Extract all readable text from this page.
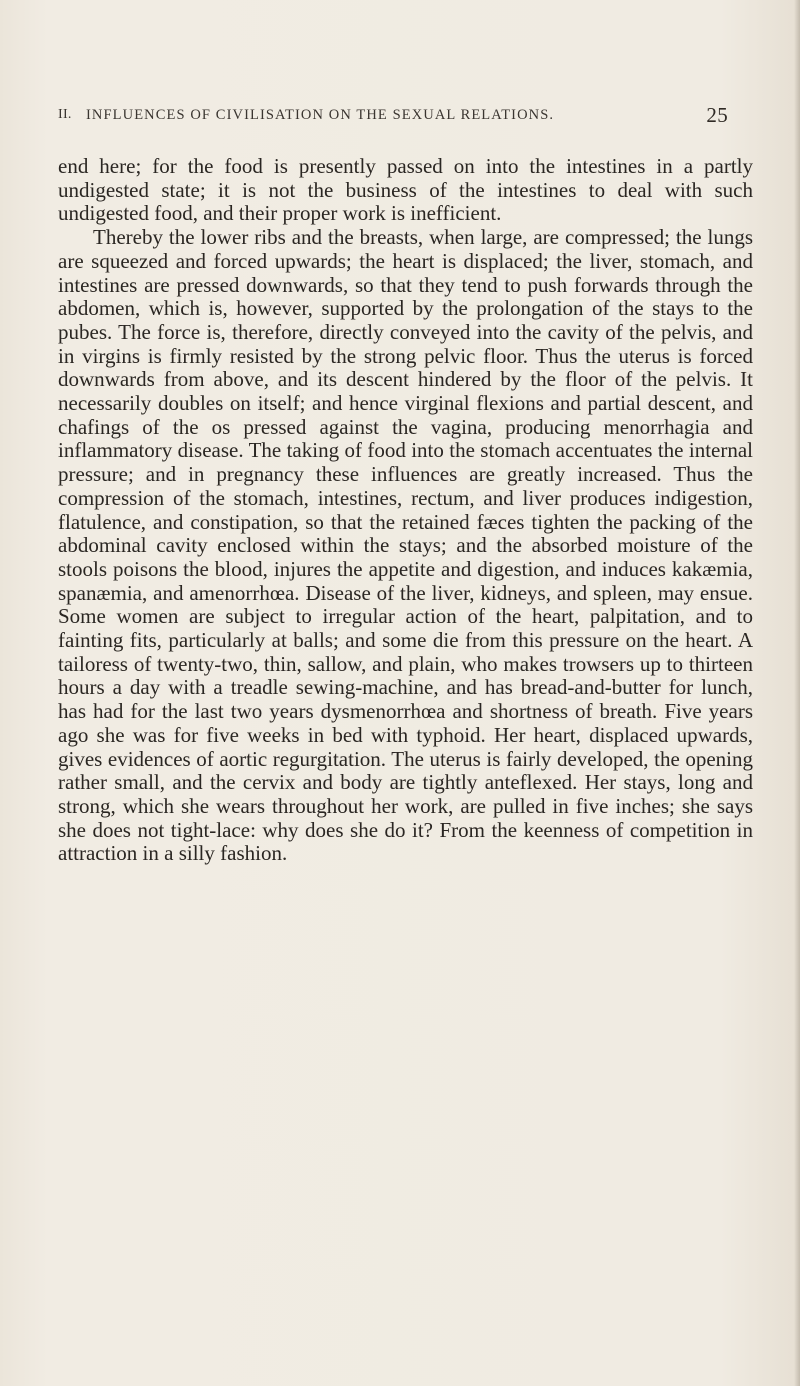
II. INFLUENCES OF CIVILISATION ON THE SEXUAL RELATIONS.	25

end here; for the food is presently passed on into the intestines in a partly undigested state; it is not the business of the intestines to deal with such undigested food, and their proper work is inefficient.

Thereby the lower ribs and the breasts, when large, are compressed; the lungs are squeezed and forced upwards; the heart is displaced; the liver, stomach, and intestines are pressed downwards, so that they tend to push forwards through the abdomen, which is, however, supported by the prolongation of the stays to the pubes. The force is, therefore, directly conveyed into the cavity of the pelvis, and in virgins is firmly resisted by the strong pelvic floor. Thus the uterus is forced downwards from above, and its descent hindered by the floor of the pelvis. It necessarily doubles on itself; and hence virginal flexions and partial descent, and chafings of the os pressed against the vagina, producing menorrhagia and inflammatory disease. The taking of food into the stomach accentuates the internal pressure; and in pregnancy these influences are greatly increased. Thus the compression of the stomach, intestines, rectum, and liver produces indigestion, flatulence, and constipation, so that the retained fæces tighten the packing of the abdominal cavity enclosed within the stays; and the absorbed moisture of the stools poisons the blood, injures the appetite and digestion, and induces kakæmia, spanæmia, and amenorrhœa. Disease of the liver, kidneys, and spleen, may ensue. Some women are subject to irregular action of the heart, palpitation, and to fainting fits, particularly at balls; and some die from this pressure on the heart. A tailoress of twenty-two, thin, sallow, and plain, who makes trowsers up to thirteen hours a day with a treadle sewing-machine, and has bread-and-butter for lunch, has had for the last two years dysmenorrhœa and shortness of breath. Five years ago she was for five weeks in bed with typhoid. Her heart, displaced upwards, gives evidences of aortic regurgitation. The uterus is fairly developed, the opening rather small, and the cervix and body are tightly anteflexed. Her stays, long and strong, which she wears throughout her work, are pulled in five inches; she says she does not tight-lace: why does she do it? From the keenness of competition in attraction in a silly fashion.
